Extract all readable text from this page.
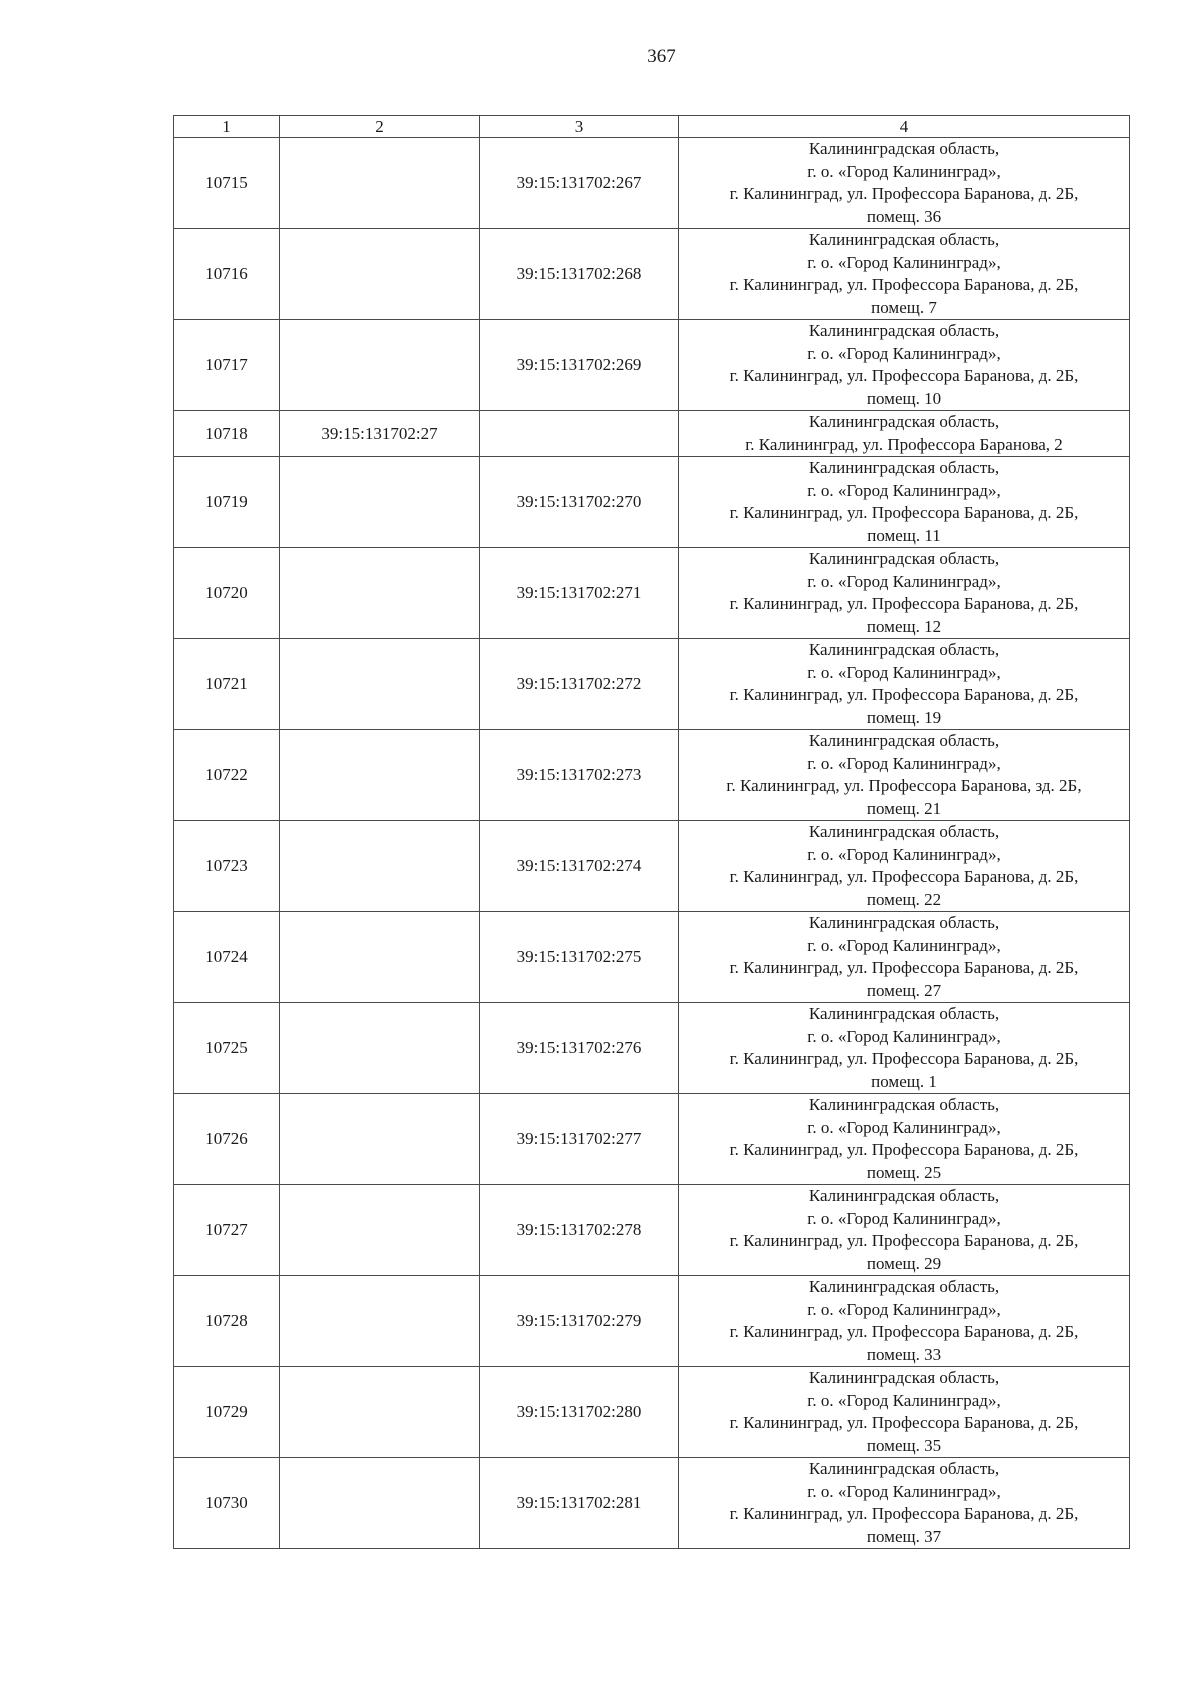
367
1	2	3	4
10715		39:15:131702:267	Калининградская область,
г. о. «Город Калининград»,
г. Калининград, ул. Профессора Баранова, д. 2Б,
помещ. 36

10716		39:15:131702:268	Калининградская область,
г. о. «Город Калининград»,
г. Калининград, ул. Профессора Баранова, д. 2Б,
помещ. 7

10717		39:15:131702:269	Калининградская область,
г. о. «Город Калининград»,
г. Калининград, ул. Профессора Баранова, д. 2Б,
помещ. 10

10718	39:15:131702:27		Калининградская область,
г. Калининград, ул. Профессора Баранова, 2

10719		39:15:131702:270	Калининградская область,
г. о. «Город Калининград»,
г. Калининград, ул. Профессора Баранова, д. 2Б,
помещ. 11

10720		39:15:131702:271	Калининградская область,
г. о. «Город Калининград»,
г. Калининград, ул. Профессора Баранова, д. 2Б,
помещ. 12

10721		39:15:131702:272	Калининградская область,
г. о. «Город Калининград»,
г. Калининград, ул. Профессора Баранова, д. 2Б,
помещ. 19

10722		39:15:131702:273	Калининградская область,
г. о. «Город Калининград»,
г. Калининград, ул. Профессора Баранова, зд. 2Б,
помещ. 21

10723		39:15:131702:274	Калининградская область,
г. о. «Город Калининград»,
г. Калининград, ул. Профессора Баранова, д. 2Б,
помещ. 22

10724		39:15:131702:275	Калининградская область,
г. о. «Город Калининград»,
г. Калининград, ул. Профессора Баранова, д. 2Б,
помещ. 27

10725		39:15:131702:276	Калининградская область,
г. о. «Город Калининград»,
г. Калининград, ул. Профессора Баранова, д. 2Б,
помещ. 1

10726		39:15:131702:277	Калининградская область,
г. о. «Город Калининград»,
г. Калининград, ул. Профессора Баранова, д. 2Б,
помещ. 25

10727		39:15:131702:278	Калининградская область,
г. о. «Город Калининград»,
г. Калининград, ул. Профессора Баранова, д. 2Б,
помещ. 29

10728		39:15:131702:279	Калининградская область,
г. о. «Город Калининград»,
г. Калининград, ул. Профессора Баранова, д. 2Б,
помещ. 33

10729		39:15:131702:280	Калининградская область,
г. о. «Город Калининград»,
г. Калининград, ул. Профессора Баранова, д. 2Б,
помещ. 35

10730		39:15:131702:281	Калининградская область,
г. о. «Город Калининград»,
г. Калининград, ул. Профессора Баранова, д. 2Б,
помещ. 37
